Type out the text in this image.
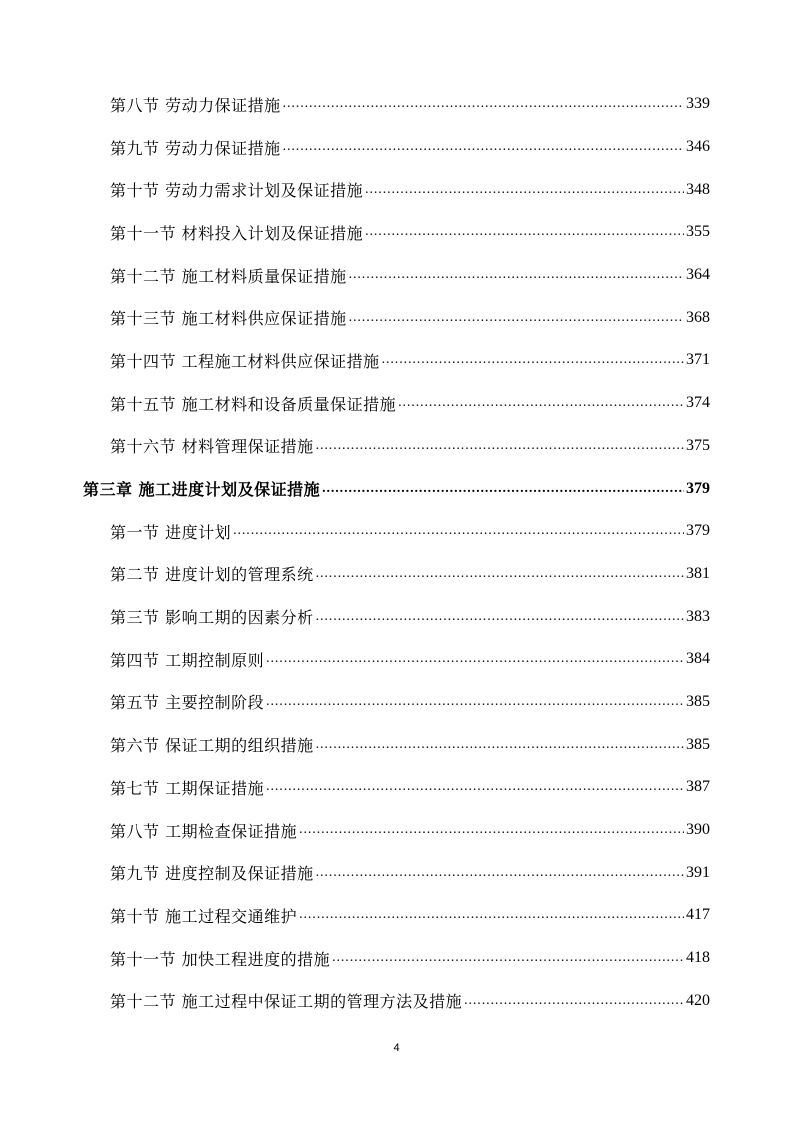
第八节 劳动力保证措施 .....	339
第九节 劳动力保证措施 .....	346
第十节 劳动力需求计划及保证措施 .....	348
第十一节 材料投入计划及保证措施 .....	355
第十二节 施工材料质量保证措施 .....	364
第十三节 施工材料供应保证措施 .....	368
第十四节 工程施工材料供应保证措施 .....	371
第十五节 施工材料和设备质量保证措施 .....	374
第十六节 材料管理保证措施 .....	375
第三章 施工进度计划及保证措施 .....	379
第一节 进度计划 .....	379
第二节 进度计划的管理系统 .....	381
第三节 影响工期的因素分析 .....	383
第四节 工期控制原则 .....	384
第五节 主要控制阶段 .....	385
第六节 保证工期的组织措施 .....	385
第七节 工期保证措施 .....	387
第八节 工期检查保证措施 .....	390
第九节 进度控制及保证措施 .....	391
第十节 施工过程交通维护 .....	417
第十一节 加快工程进度的措施 .....	418
第十二节 施工过程中保证工期的管理方法及措施 .....	420
4
